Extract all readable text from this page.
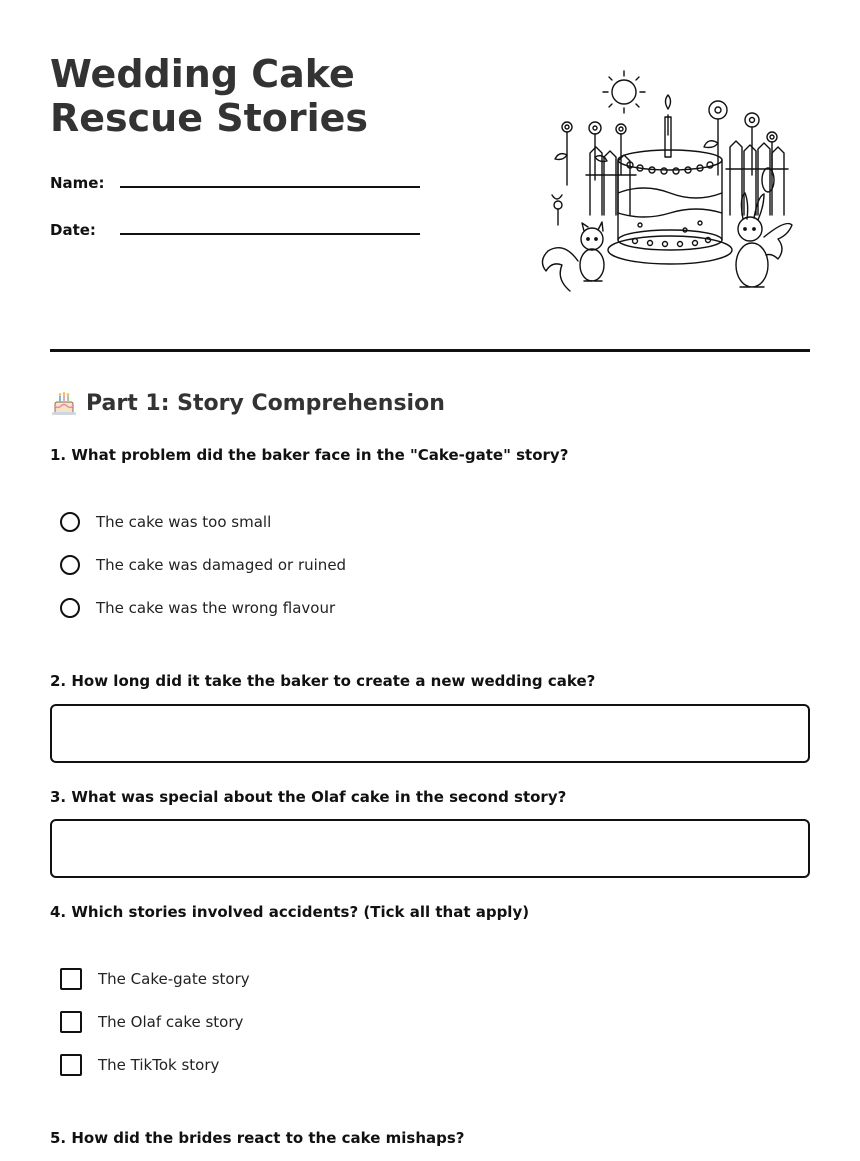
Wedding Cake Rescue Stories
Name:
Date:
Part 1: Story Comprehension

1. What problem did the baker face in the "Cake-gate" story?

The cake was too small
The cake was damaged or ruined
The cake was the wrong flavour

2. How long did it take the baker to create a new wedding cake?

3. What was special about the Olaf cake in the second story?

4. Which stories involved accidents? (Tick all that apply)

The Cake-gate story
The Olaf cake story
The TikTok story

5. How did the brides react to the cake mishaps?
